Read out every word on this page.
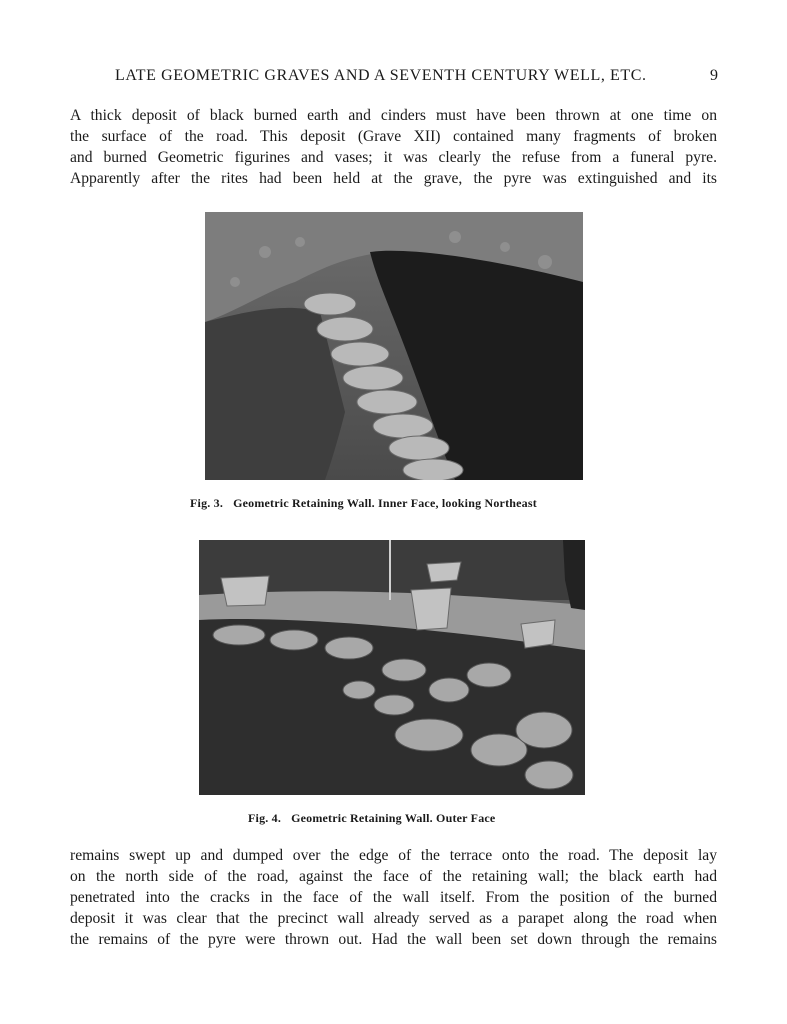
LATE GEOMETRIC GRAVES AND A SEVENTH CENTURY WELL, ETC.	9

A thick deposit of black burned earth and cinders must have been thrown at one time on
the surface of the road. This deposit (Grave XII) contained many fragments of broken
and burned Geometric figurines and vases; it was clearly the refuse from a funeral pyre.
Apparently after the rites had been held at the grave, the pyre was extinguished and its

Fig. 3. Geometric Retaining Wall. Inner Face, looking Northeast
Fig. 4. Geometric Retaining Wall. Outer Face

remains swept up and dumped over the edge of the terrace onto the road. The deposit lay
on the north side of the road, against the face of the retaining wall; the black earth had
penetrated into the cracks in the face of the wall itself. From the position of the burned
deposit it was clear that the precinct wall already served as a parapet along the road when
the remains of the pyre were thrown out. Had the wall been set down through the remains
